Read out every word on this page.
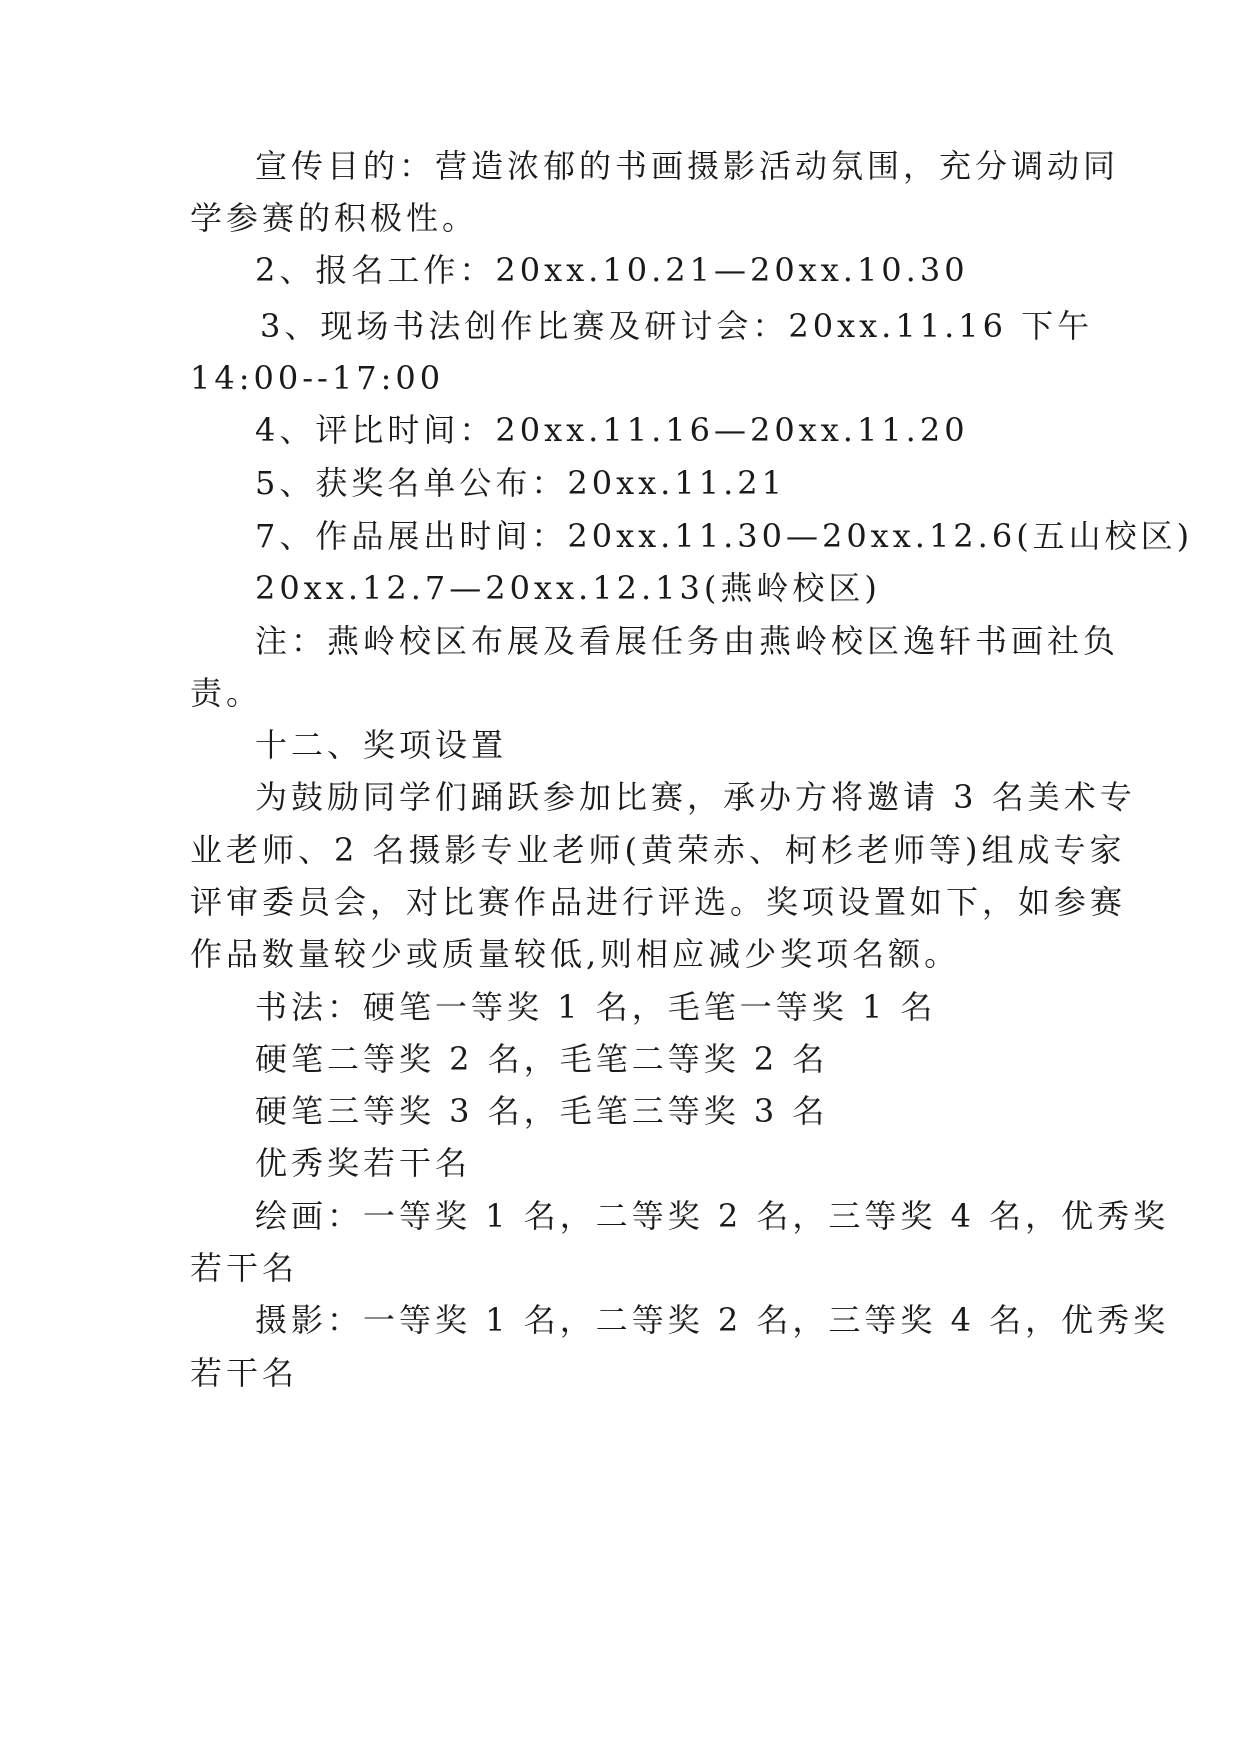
宣传目的：营造浓郁的书画摄影活动氛围，充分调动同

学参赛的积极性。

2、报名工作：20xx.10.21—20xx.10.30

3、现场书法创作比赛及研讨会：20xx.11.16 下午

14:00--17:00

4、评比时间：20xx.11.16—20xx.11.20

5、获奖名单公布：20xx.11.21

7、作品展出时间：20xx.11.30—20xx.12.6(五山校区)

20xx.12.7—20xx.12.13(燕岭校区)

注：燕岭校区布展及看展任务由燕岭校区逸轩书画社负

责。

十二、奖项设置

为鼓励同学们踊跃参加比赛，承办方将邀请 3 名美术专

业老师、2 名摄影专业老师(黄荣赤、柯杉老师等)组成专家

评审委员会，对比赛作品进行评选。奖项设置如下，如参赛

作品数量较少或质量较低,则相应减少奖项名额。

书法：硬笔一等奖 1 名，毛笔一等奖 1 名

硬笔二等奖 2 名，毛笔二等奖 2 名

硬笔三等奖 3 名，毛笔三等奖 3 名

优秀奖若干名

绘画：一等奖 1 名，二等奖 2 名，三等奖 4 名，优秀奖

若干名

摄影：一等奖 1 名，二等奖 2 名，三等奖 4 名，优秀奖

若干名
